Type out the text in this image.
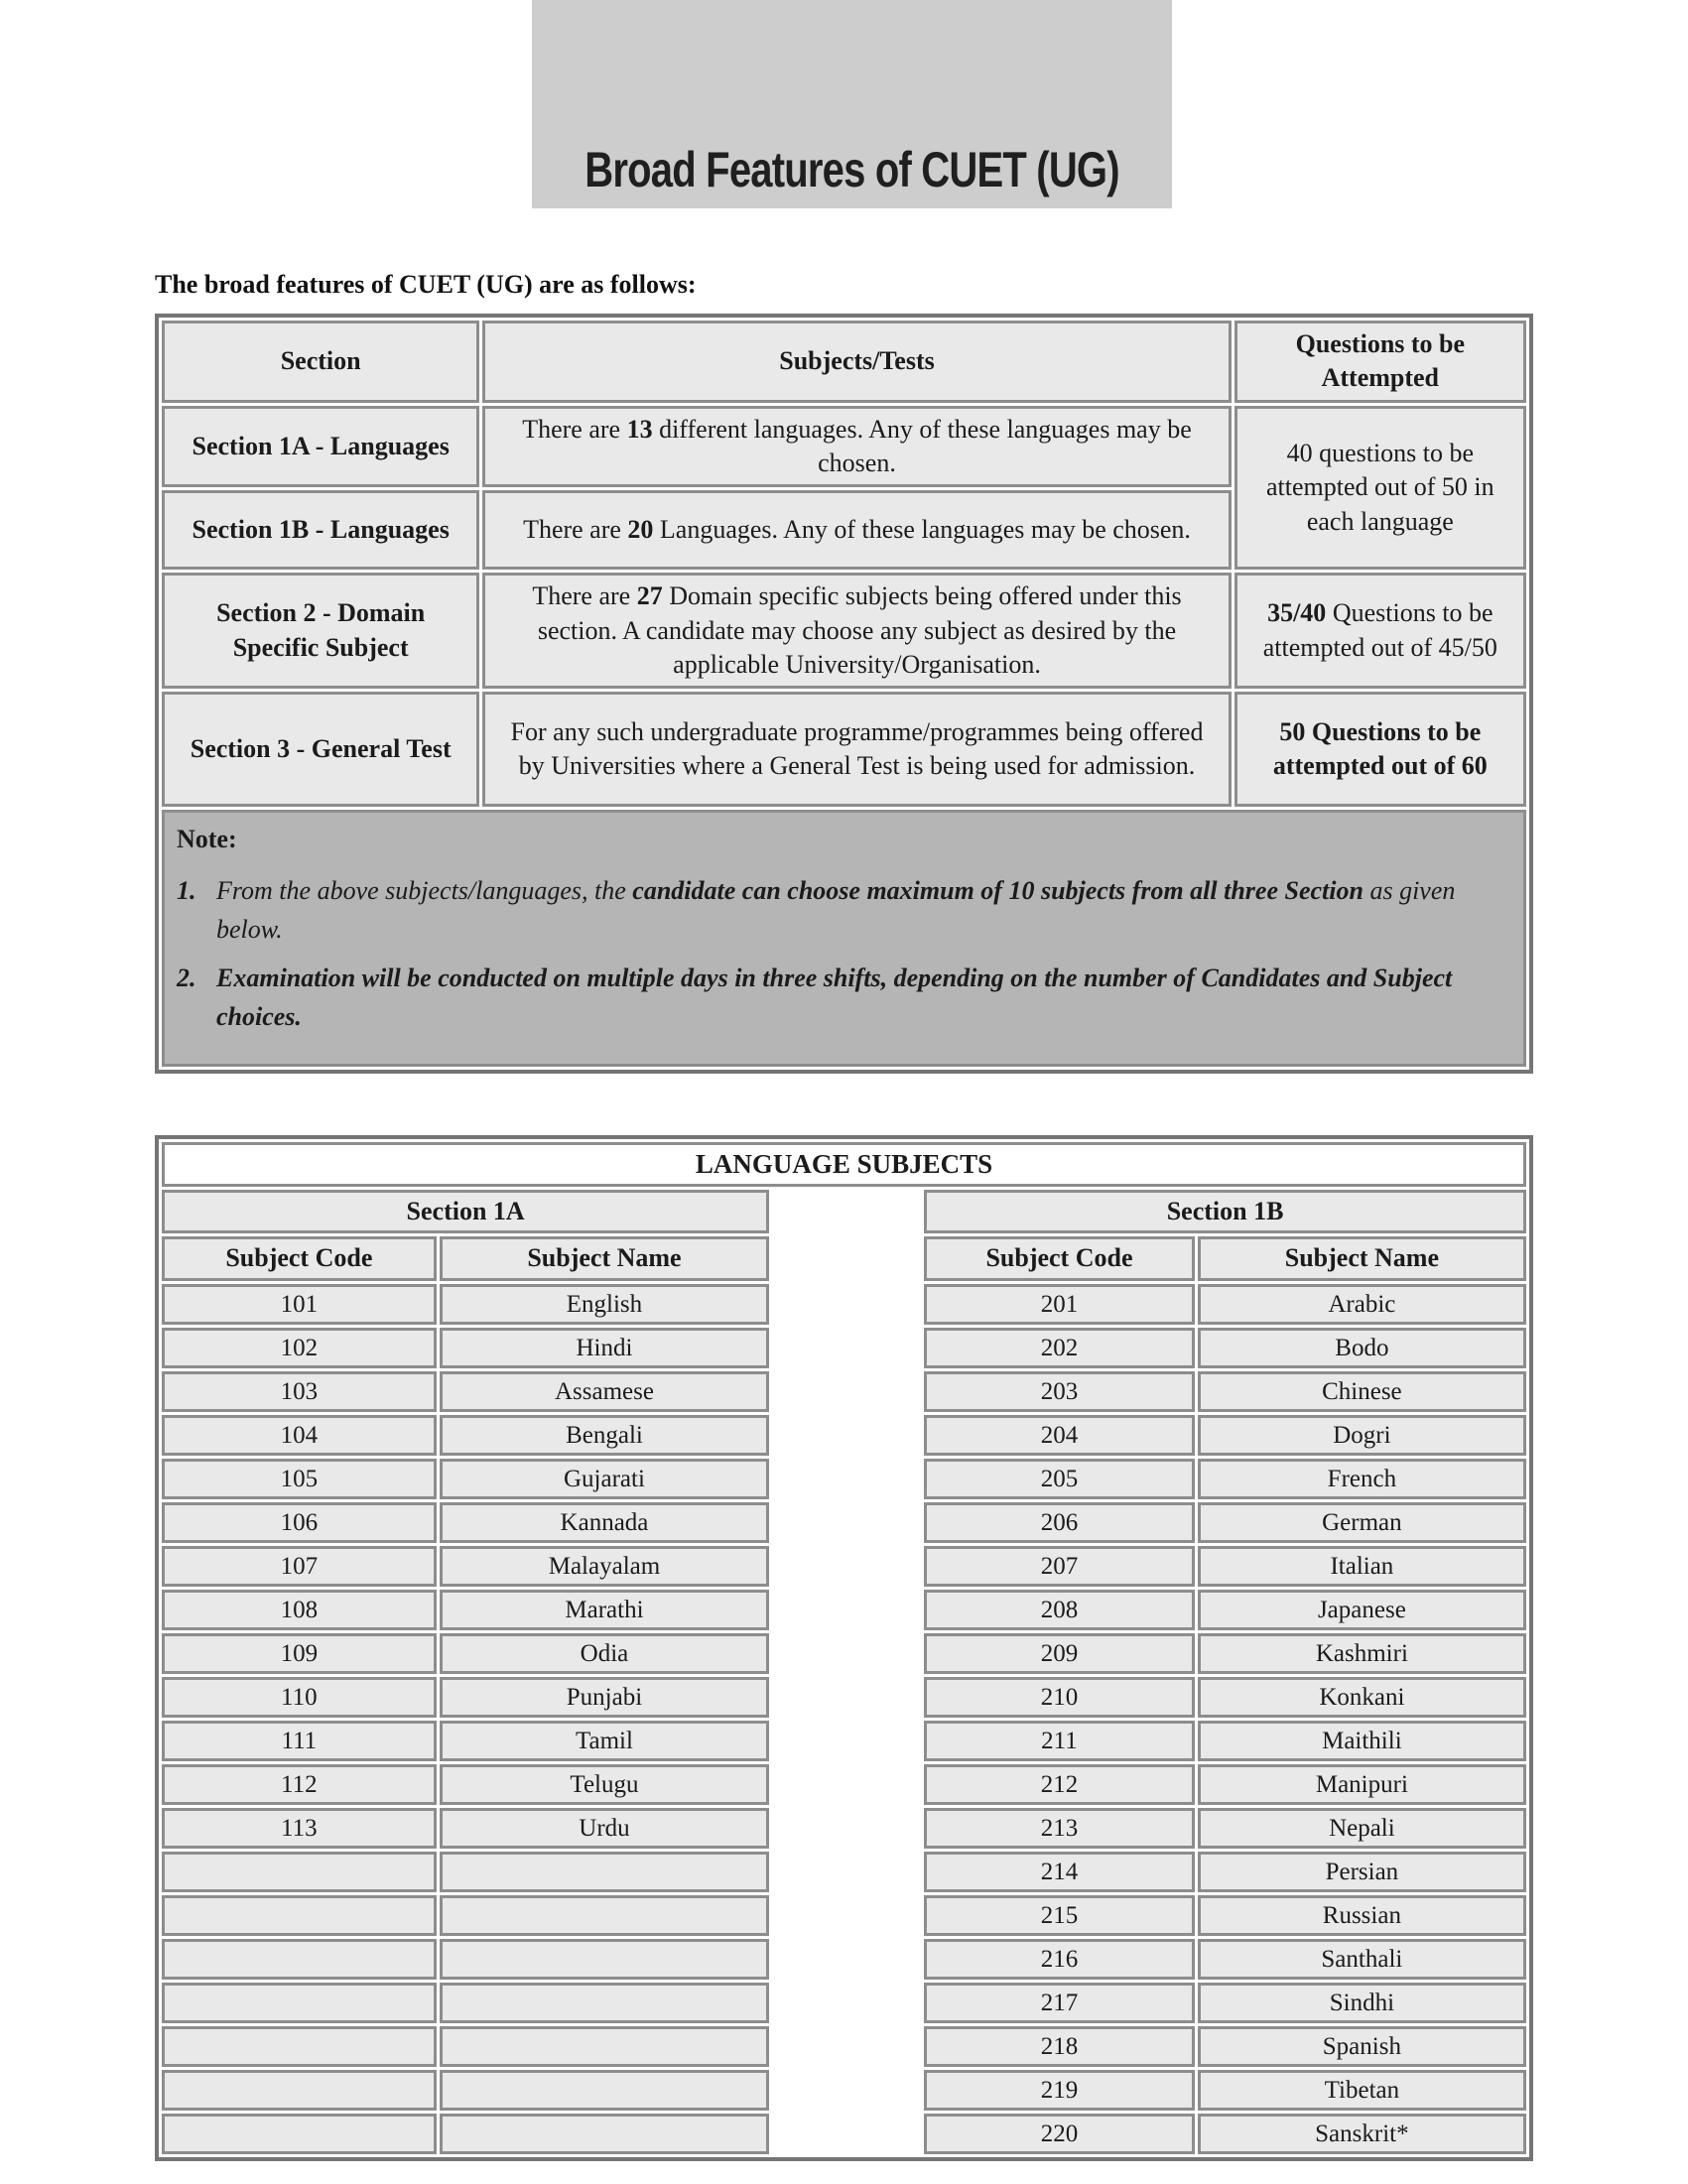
Broad Features of CUET (UG)

The broad features of CUET (UG) are as follows:

Section	Subjects/Tests	Questions to be Attempted
Section 1A - Languages	There are 13 different languages. Any of these languages may be chosen.	40 questions to be attempted out of 50 in each language
Section 1B - Languages	There are 20 Languages. Any of these languages may be chosen.	
Section 2 - Domain Specific Subject	There are 27 Domain specific subjects being offered under this section. A candidate may choose any subject as desired by the applicable University/Organisation.	35/40 Questions to be attempted out of 45/50
Section 3 - General Test	For any such undergraduate programme/programmes being offered by Universities where a General Test is being used for admission.	50 Questions to be attempted out of 60

Note:
1. From the above subjects/languages, the candidate can choose maximum of 10 subjects from all three Section as given below.
2. Examination will be conducted on multiple days in three shifts, depending on the number of Candidates and Subject choices.		
LANGUAGE SUBJECTS				
Section 1A			Section 1B	
Subject Code	Subject Name		Subject Code	Subject Name
101	English		201	Arabic
102	Hindi		202	Bodo
103	Assamese		203	Chinese
104	Bengali		204	Dogri
105	Gujarati		205	French
106	Kannada		206	German
107	Malayalam		207	Italian
108	Marathi		208	Japanese
109	Odia		209	Kashmiri
110	Punjabi		210	Konkani
111	Tamil		211	Maithili
112	Telugu		212	Manipuri
113	Urdu		213	Nepali
			214	Persian
			215	Russian
			216	Santhali
			217	Sindhi
			218	Spanish
			219	Tibetan
			220	Sanskrit*
